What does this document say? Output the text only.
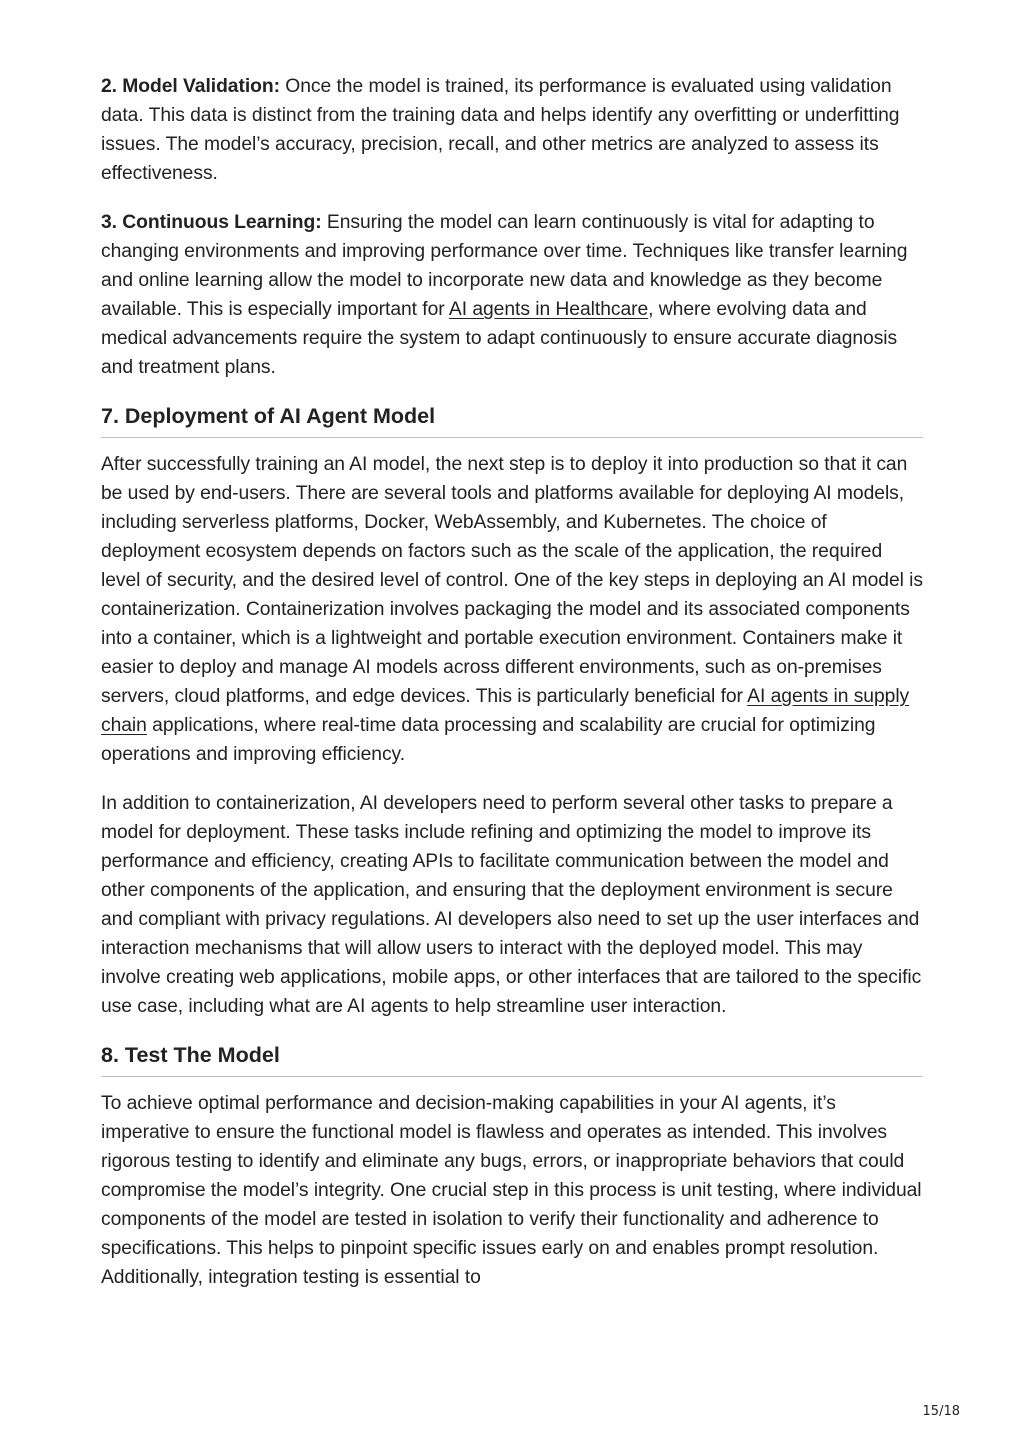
2. Model Validation: Once the model is trained, its performance is evaluated using validation data. This data is distinct from the training data and helps identify any overfitting or underfitting issues. The model’s accuracy, precision, recall, and other metrics are analyzed to assess its effectiveness.

3. Continuous Learning: Ensuring the model can learn continuously is vital for adapting to changing environments and improving performance over time. Techniques like transfer learning and online learning allow the model to incorporate new data and knowledge as they become available. This is especially important for AI agents in Healthcare, where evolving data and medical advancements require the system to adapt continuously to ensure accurate diagnosis and treatment plans.

7. Deployment of AI Agent Model

After successfully training an AI model, the next step is to deploy it into production so that it can be used by end-users. There are several tools and platforms available for deploying AI models, including serverless platforms, Docker, WebAssembly, and Kubernetes. The choice of deployment ecosystem depends on factors such as the scale of the application, the required level of security, and the desired level of control. One of the key steps in deploying an AI model is containerization. Containerization involves packaging the model and its associated components into a container, which is a lightweight and portable execution environment. Containers make it easier to deploy and manage AI models across different environments, such as on-premises servers, cloud platforms, and edge devices. This is particularly beneficial for AI agents in supply chain applications, where real-time data processing and scalability are crucial for optimizing operations and improving efficiency.

In addition to containerization, AI developers need to perform several other tasks to prepare a model for deployment. These tasks include refining and optimizing the model to improve its performance and efficiency, creating APIs to facilitate communication between the model and other components of the application, and ensuring that the deployment environment is secure and compliant with privacy regulations. AI developers also need to set up the user interfaces and interaction mechanisms that will allow users to interact with the deployed model. This may involve creating web applications, mobile apps, or other interfaces that are tailored to the specific use case, including what are AI agents to help streamline user interaction.

8. Test The Model

To achieve optimal performance and decision-making capabilities in your AI agents, it’s imperative to ensure the functional model is flawless and operates as intended. This involves rigorous testing to identify and eliminate any bugs, errors, or inappropriate behaviors that could compromise the model’s integrity. One crucial step in this process is unit testing, where individual components of the model are tested in isolation to verify their functionality and adherence to specifications. This helps to pinpoint specific issues early on and enables prompt resolution. Additionally, integration testing is essential to

15/18
